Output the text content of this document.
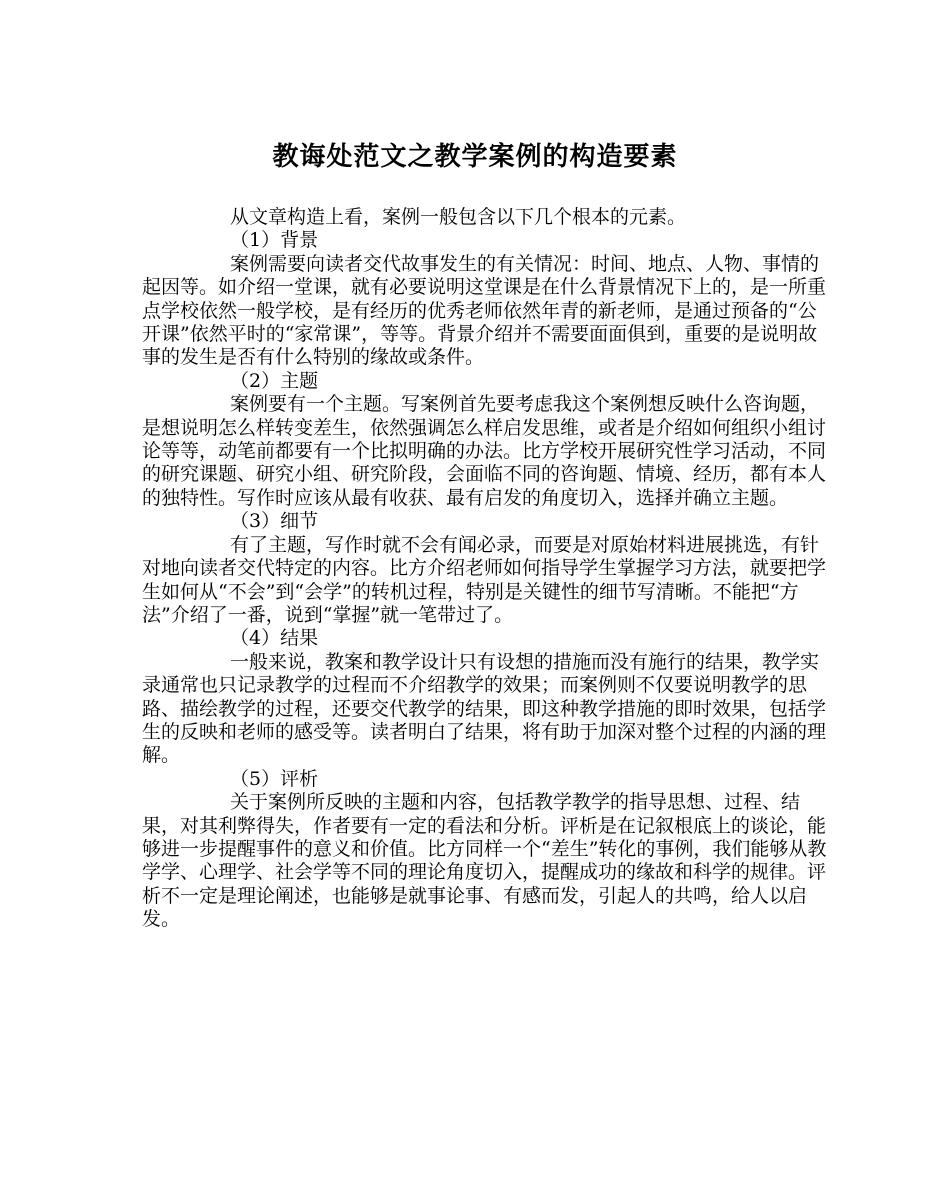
教诲处范文之教学案例的构造要素

从文章构造上看，案例一般包含以下几个根本的元素。

（1）背景

案例需要向读者交代故事发生的有关情况：时间、地点、人物、事情的起因等。如介绍一堂课，就有必要说明这堂课是在什么背景情况下上的，是一所重点学校依然一般学校，是有经历的优秀老师依然年青的新老师，是通过预备的“公开课”依然平时的“家常课”，等等。背景介绍并不需要面面俱到，重要的是说明故事的发生是否有什么特别的缘故或条件。

（2）主题

案例要有一个主题。写案例首先要考虑我这个案例想反映什么咨询题，是想说明怎么样转变差生，依然强调怎么样启发思维，或者是介绍如何组织小组讨论等等，动笔前都要有一个比拟明确的办法。比方学校开展研究性学习活动，不同的研究课题、研究小组、研究阶段，会面临不同的咨询题、情境、经历，都有本人的独特性。写作时应该从最有收获、最有启发的角度切入，选择并确立主题。

（3）细节

有了主题，写作时就不会有闻必录，而要是对原始材料进展挑选，有针对地向读者交代特定的内容。比方介绍老师如何指导学生掌握学习方法，就要把学生如何从“不会”到“会学”的转机过程，特别是关键性的细节写清晰。不能把“方法”介绍了一番，说到“掌握”就一笔带过了。

（4）结果

一般来说，教案和教学设计只有设想的措施而没有施行的结果，教学实录通常也只记录教学的过程而不介绍教学的效果；而案例则不仅要说明教学的思路、描绘教学的过程，还要交代教学的结果，即这种教学措施的即时效果，包括学生的反映和老师的感受等。读者明白了结果，将有助于加深对整个过程的内涵的理解。

（5）评析

关于案例所反映的主题和内容，包括教学教学的指导思想、过程、结果，对其利弊得失，作者要有一定的看法和分析。评析是在记叙根底上的谈论，能够进一步提醒事件的意义和价值。比方同样一个“差生”转化的事例，我们能够从教学学、心理学、社会学等不同的理论角度切入，提醒成功的缘故和科学的规律。评析不一定是理论阐述，也能够是就事论事、有感而发，引起人的共鸣，给人以启发。
